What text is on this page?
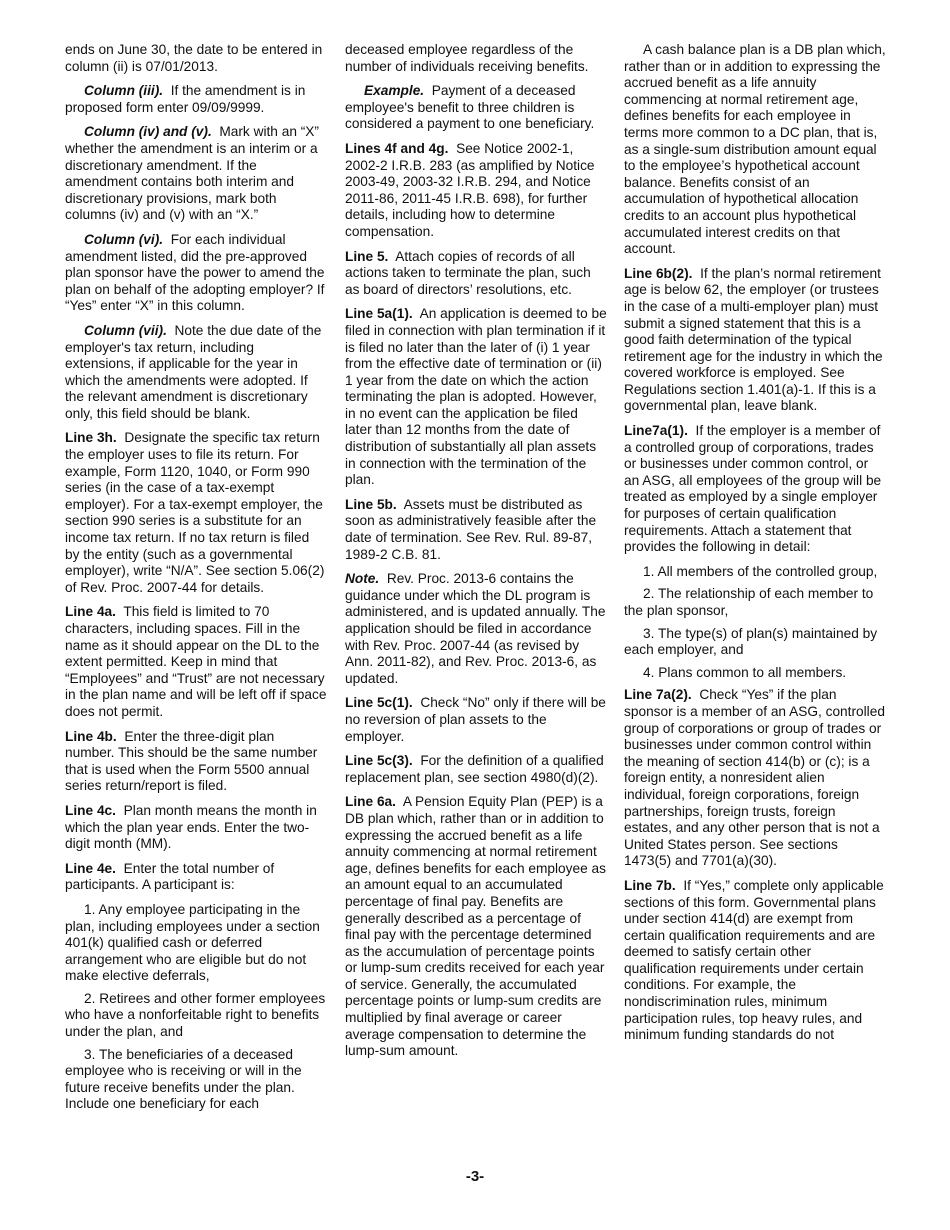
ends on June 30, the date to be entered in column (ii) is 07/01/2013.

Column (iii). If the amendment is in proposed form enter 09/09/9999.

Column (iv) and (v). Mark with an “X” whether the amendment is an interim or a discretionary amendment. If the amendment contains both interim and discretionary provisions, mark both columns (iv) and (v) with an “X.”

Column (vi). For each individual amendment listed, did the pre-approved plan sponsor have the power to amend the plan on behalf of the adopting employer? If “Yes” enter “X” in this column.

Column (vii). Note the due date of the employer's tax return, including extensions, if applicable for the year in which the amendments were adopted. If the relevant amendment is discretionary only, this field should be blank.

Line 3h. Designate the specific tax return the employer uses to file its return. For example, Form 1120, 1040, or Form 990 series (in the case of a tax-exempt employer). For a tax-exempt employer, the section 990 series is a substitute for an income tax return. If no tax return is filed by the entity (such as a governmental employer), write “N/A”. See section 5.06(2) of Rev. Proc. 2007-44 for details.

Line 4a. This field is limited to 70 characters, including spaces. Fill in the name as it should appear on the DL to the extent permitted. Keep in mind that “Employees” and “Trust” are not necessary in the plan name and will be left off if space does not permit.

Line 4b. Enter the three-digit plan number. This should be the same number that is used when the Form 5500 annual series return/report is filed.

Line 4c. Plan month means the month in which the plan year ends. Enter the two-digit month (MM).

Line 4e. Enter the total number of participants. A participant is:

1. Any employee participating in the plan, including employees under a section 401(k) qualified cash or deferred arrangement who are eligible but do not make elective deferrals,

2. Retirees and other former employees who have a nonforfeitable right to benefits under the plan, and

3. The beneficiaries of a deceased employee who is receiving or will in the future receive benefits under the plan. Include one beneficiary for each

deceased employee regardless of the number of individuals receiving benefits.

Example. Payment of a deceased employee's benefit to three children is considered a payment to one beneficiary.

Lines 4f and 4g. See Notice 2002-1, 2002-2 I.R.B. 283 (as amplified by Notice 2003-49, 2003-32 I.R.B. 294, and Notice 2011-86, 2011-45 I.R.B. 698), for further details, including how to determine compensation.

Line 5. Attach copies of records of all actions taken to terminate the plan, such as board of directors’ resolutions, etc.

Line 5a(1). An application is deemed to be filed in connection with plan termination if it is filed no later than the later of (i) 1 year from the effective date of termination or (ii) 1 year from the date on which the action terminating the plan is adopted. However, in no event can the application be filed later than 12 months from the date of distribution of substantially all plan assets in connection with the termination of the plan.

Line 5b. Assets must be distributed as soon as administratively feasible after the date of termination. See Rev. Rul. 89-87, 1989-2 C.B. 81.

Note. Rev. Proc. 2013-6 contains the guidance under which the DL program is administered, and is updated annually. The application should be filed in accordance with Rev. Proc. 2007-44 (as revised by Ann. 2011-82), and Rev. Proc. 2013-6, as updated.

Line 5c(1). Check “No” only if there will be no reversion of plan assets to the employer.

Line 5c(3). For the definition of a qualified replacement plan, see section 4980(d)(2).

Line 6a. A Pension Equity Plan (PEP) is a DB plan which, rather than or in addition to expressing the accrued benefit as a life annuity commencing at normal retirement age, defines benefits for each employee as an amount equal to an accumulated percentage of final pay. Benefits are generally described as a percentage of final pay with the percentage determined as the accumulation of percentage points or lump-sum credits received for each year of service. Generally, the accumulated percentage points or lump-sum credits are multiplied by final average or career average compensation to determine the lump-sum amount.

A cash balance plan is a DB plan which, rather than or in addition to expressing the accrued benefit as a life annuity commencing at normal retirement age, defines benefits for each employee in terms more common to a DC plan, that is, as a single-sum distribution amount equal to the employee’s hypothetical account balance. Benefits consist of an accumulation of hypothetical allocation credits to an account plus hypothetical accumulated interest credits on that account.

Line 6b(2). If the plan’s normal retirement age is below 62, the employer (or trustees in the case of a multi-employer plan) must submit a signed statement that this is a good faith determination of the typical retirement age for the industry in which the covered workforce is employed. See Regulations section 1.401(a)-1. If this is a governmental plan, leave blank.

Line7a(1). If the employer is a member of a controlled group of corporations, trades or businesses under common control, or an ASG, all employees of the group will be treated as employed by a single employer for purposes of certain qualification requirements. Attach a statement that provides the following in detail:

1. All members of the controlled group,

2. The relationship of each member to the plan sponsor,

3. The type(s) of plan(s) maintained by each employer, and

4. Plans common to all members.

Line 7a(2). Check “Yes” if the plan sponsor is a member of an ASG, controlled group of corporations or group of trades or businesses under common control within the meaning of section 414(b) or (c); is a foreign entity, a nonresident alien individual, foreign corporations, foreign partnerships, foreign trusts, foreign estates, and any other person that is not a United States person. See sections 1473(5) and 7701(a)(30).

Line 7b. If “Yes,” complete only applicable sections of this form. Governmental plans under section 414(d) are exempt from certain qualification requirements and are deemed to satisfy certain other qualification requirements under certain conditions. For example, the nondiscrimination rules, minimum participation rules, top heavy rules, and minimum funding standards do not

-3-
